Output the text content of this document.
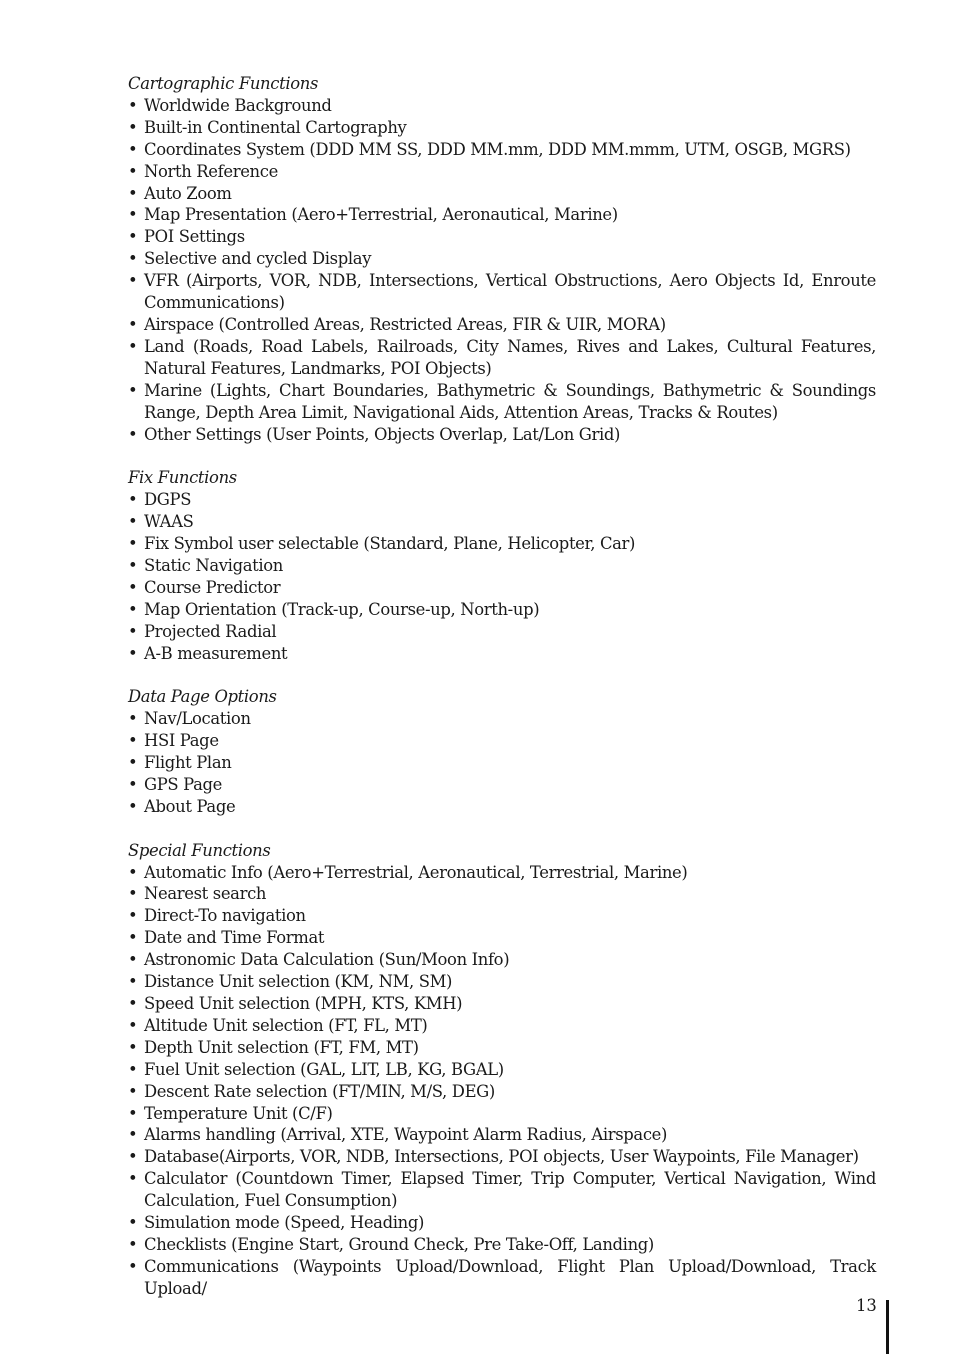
Cartographic Functions

• Worldwide Background
• Built-in Continental Cartography
• Coordinates System (DDD MM SS, DDD MM.mm, DDD MM.mmm, UTM, OSGB, MGRS)
• North Reference
• Auto Zoom
• Map Presentation (Aero+Terrestrial, Aeronautical, Marine)
• POI Settings
• Selective and cycled Display
• VFR (Airports, VOR, NDB, Intersections, Vertical Obstructions, Aero Objects Id, Enroute Communications)
• Airspace (Controlled Areas, Restricted Areas, FIR & UIR, MORA)
• Land (Roads, Road Labels, Railroads, City Names, Rives and Lakes, Cultural Features, Natural Features, Landmarks, POI Objects)
• Marine (Lights, Chart Boundaries, Bathymetric & Soundings, Bathymetric & Soundings Range, Depth Area Limit, Navigational Aids, Attention Areas, Tracks & Routes)
• Other Settings (User Points, Objects Overlap, Lat/Lon Grid)

Fix Functions

• DGPS
• WAAS
• Fix Symbol user selectable (Standard, Plane, Helicopter, Car)
• Static Navigation
• Course Predictor
• Map Orientation (Track-up, Course-up, North-up)
• Projected Radial
• A-B measurement

Data Page Options

• Nav/Location
• HSI Page
• Flight Plan
• GPS Page
• About Page

Special Functions

• Automatic Info (Aero+Terrestrial, Aeronautical, Terrestrial, Marine)
• Nearest search
• Direct-To navigation
• Date and Time Format
• Astronomic Data Calculation (Sun/Moon Info)
• Distance Unit selection (KM, NM, SM)
• Speed Unit selection (MPH, KTS, KMH)
• Altitude Unit selection (FT, FL, MT)
• Depth Unit selection (FT, FM, MT)
• Fuel Unit selection (GAL, LIT, LB, KG, BGAL)
• Descent Rate selection (FT/MIN, M/S, DEG)
• Temperature Unit (C/F)
• Alarms handling (Arrival, XTE, Waypoint Alarm Radius, Airspace)
• Database(Airports, VOR, NDB, Intersections, POI objects, User Waypoints, File Manager)
• Calculator (Countdown Timer, Elapsed Timer, Trip Computer, Vertical Navigation, Wind Calculation, Fuel Consumption)
• Simulation mode (Speed, Heading)
• Checklists (Engine Start, Ground Check, Pre Take-Off, Landing)
• Communications (Waypoints Upload/Download, Flight Plan Upload/Download, Track Upload/
13
